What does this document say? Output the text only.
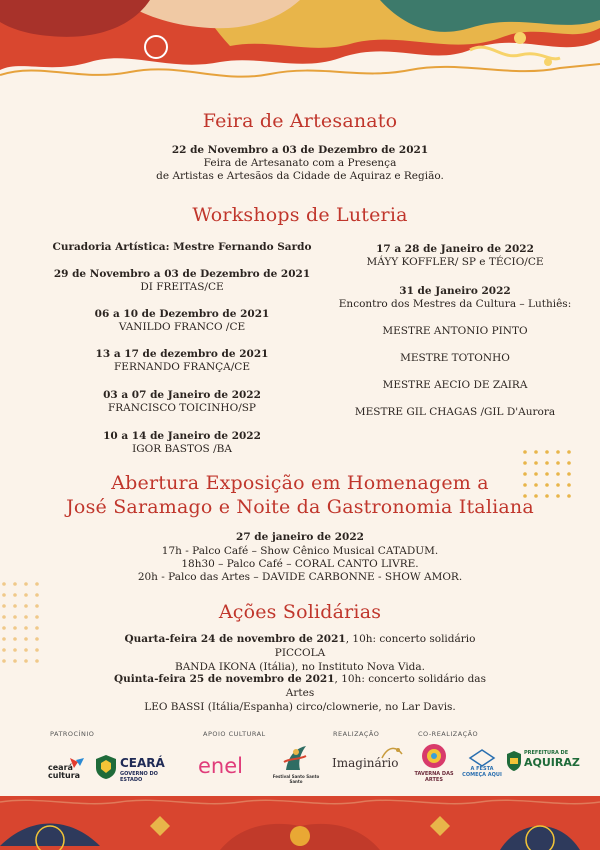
Feira de Artesanato
22 de Novembro a 03 de Dezembro de 2021
Feira de Artesanato com a Presença
de Artistas e Artesãos da Cidade de Aquiraz e Região.
Workshops de Luteria
Curadoria Artística: Mestre Fernando Sardo
29 de Novembro a 03 de Dezembro de 2021
DI FREITAS/CE
06 a 10 de Dezembro de 2021
VANILDO FRANCO /CE
13 a 17 de dezembro de 2021
FERNANDO FRANÇA/CE
03 a 07 de Janeiro de 2022
FRANCISCO TOICINHO/SP
10 a 14 de Janeiro de 2022
IGOR BASTOS /BA
17 a 28 de Janeiro de 2022
MÁYY KOFFLER/ SP e TÉCIO/CE
31 de Janeiro 2022
Encontro dos Mestres da Cultura – Luthiês:
MESTRE ANTONIO PINTO
MESTRE TOTONHO
MESTRE AECIO DE ZAIRA
MESTRE GIL CHAGAS /GIL D'Aurora
Abertura Exposição em Homenagem a
José Saramago e Noite da Gastronomia Italiana
27 de janeiro de 2022
17h - Palco Café – Show Cênico Musical CATADUM.
18h30 – Palco Café – CORAL CANTO LIVRE.
20h - Palco das Artes – DAVIDE CARBONNE - SHOW AMOR.
Ações Solidárias
Quarta-feira 24 de novembro de 2021, 10h: concerto solidário PICCOLA
BANDA IKONA (Itália), no Instituto Nova Vida.
Quinta-feira 25 de novembro de 2021, 10h: concerto solidário das Artes
LEO BASSI (Itália/Espanha) circo/clownerie, no Lar Davis.
PATROCÍNIO	APOIO CULTURAL	REALIZAÇÃO	CO-REALIZAÇÃO
ceará cultura
CEARÁ
GOVERNO DO ESTADO
enel	Festival Santo Santo Santo
Imaginário
TAVERNA DAS ARTES
A FESTA COMEÇA AQUI
PREFEITURA DE
AQUIRAZ
